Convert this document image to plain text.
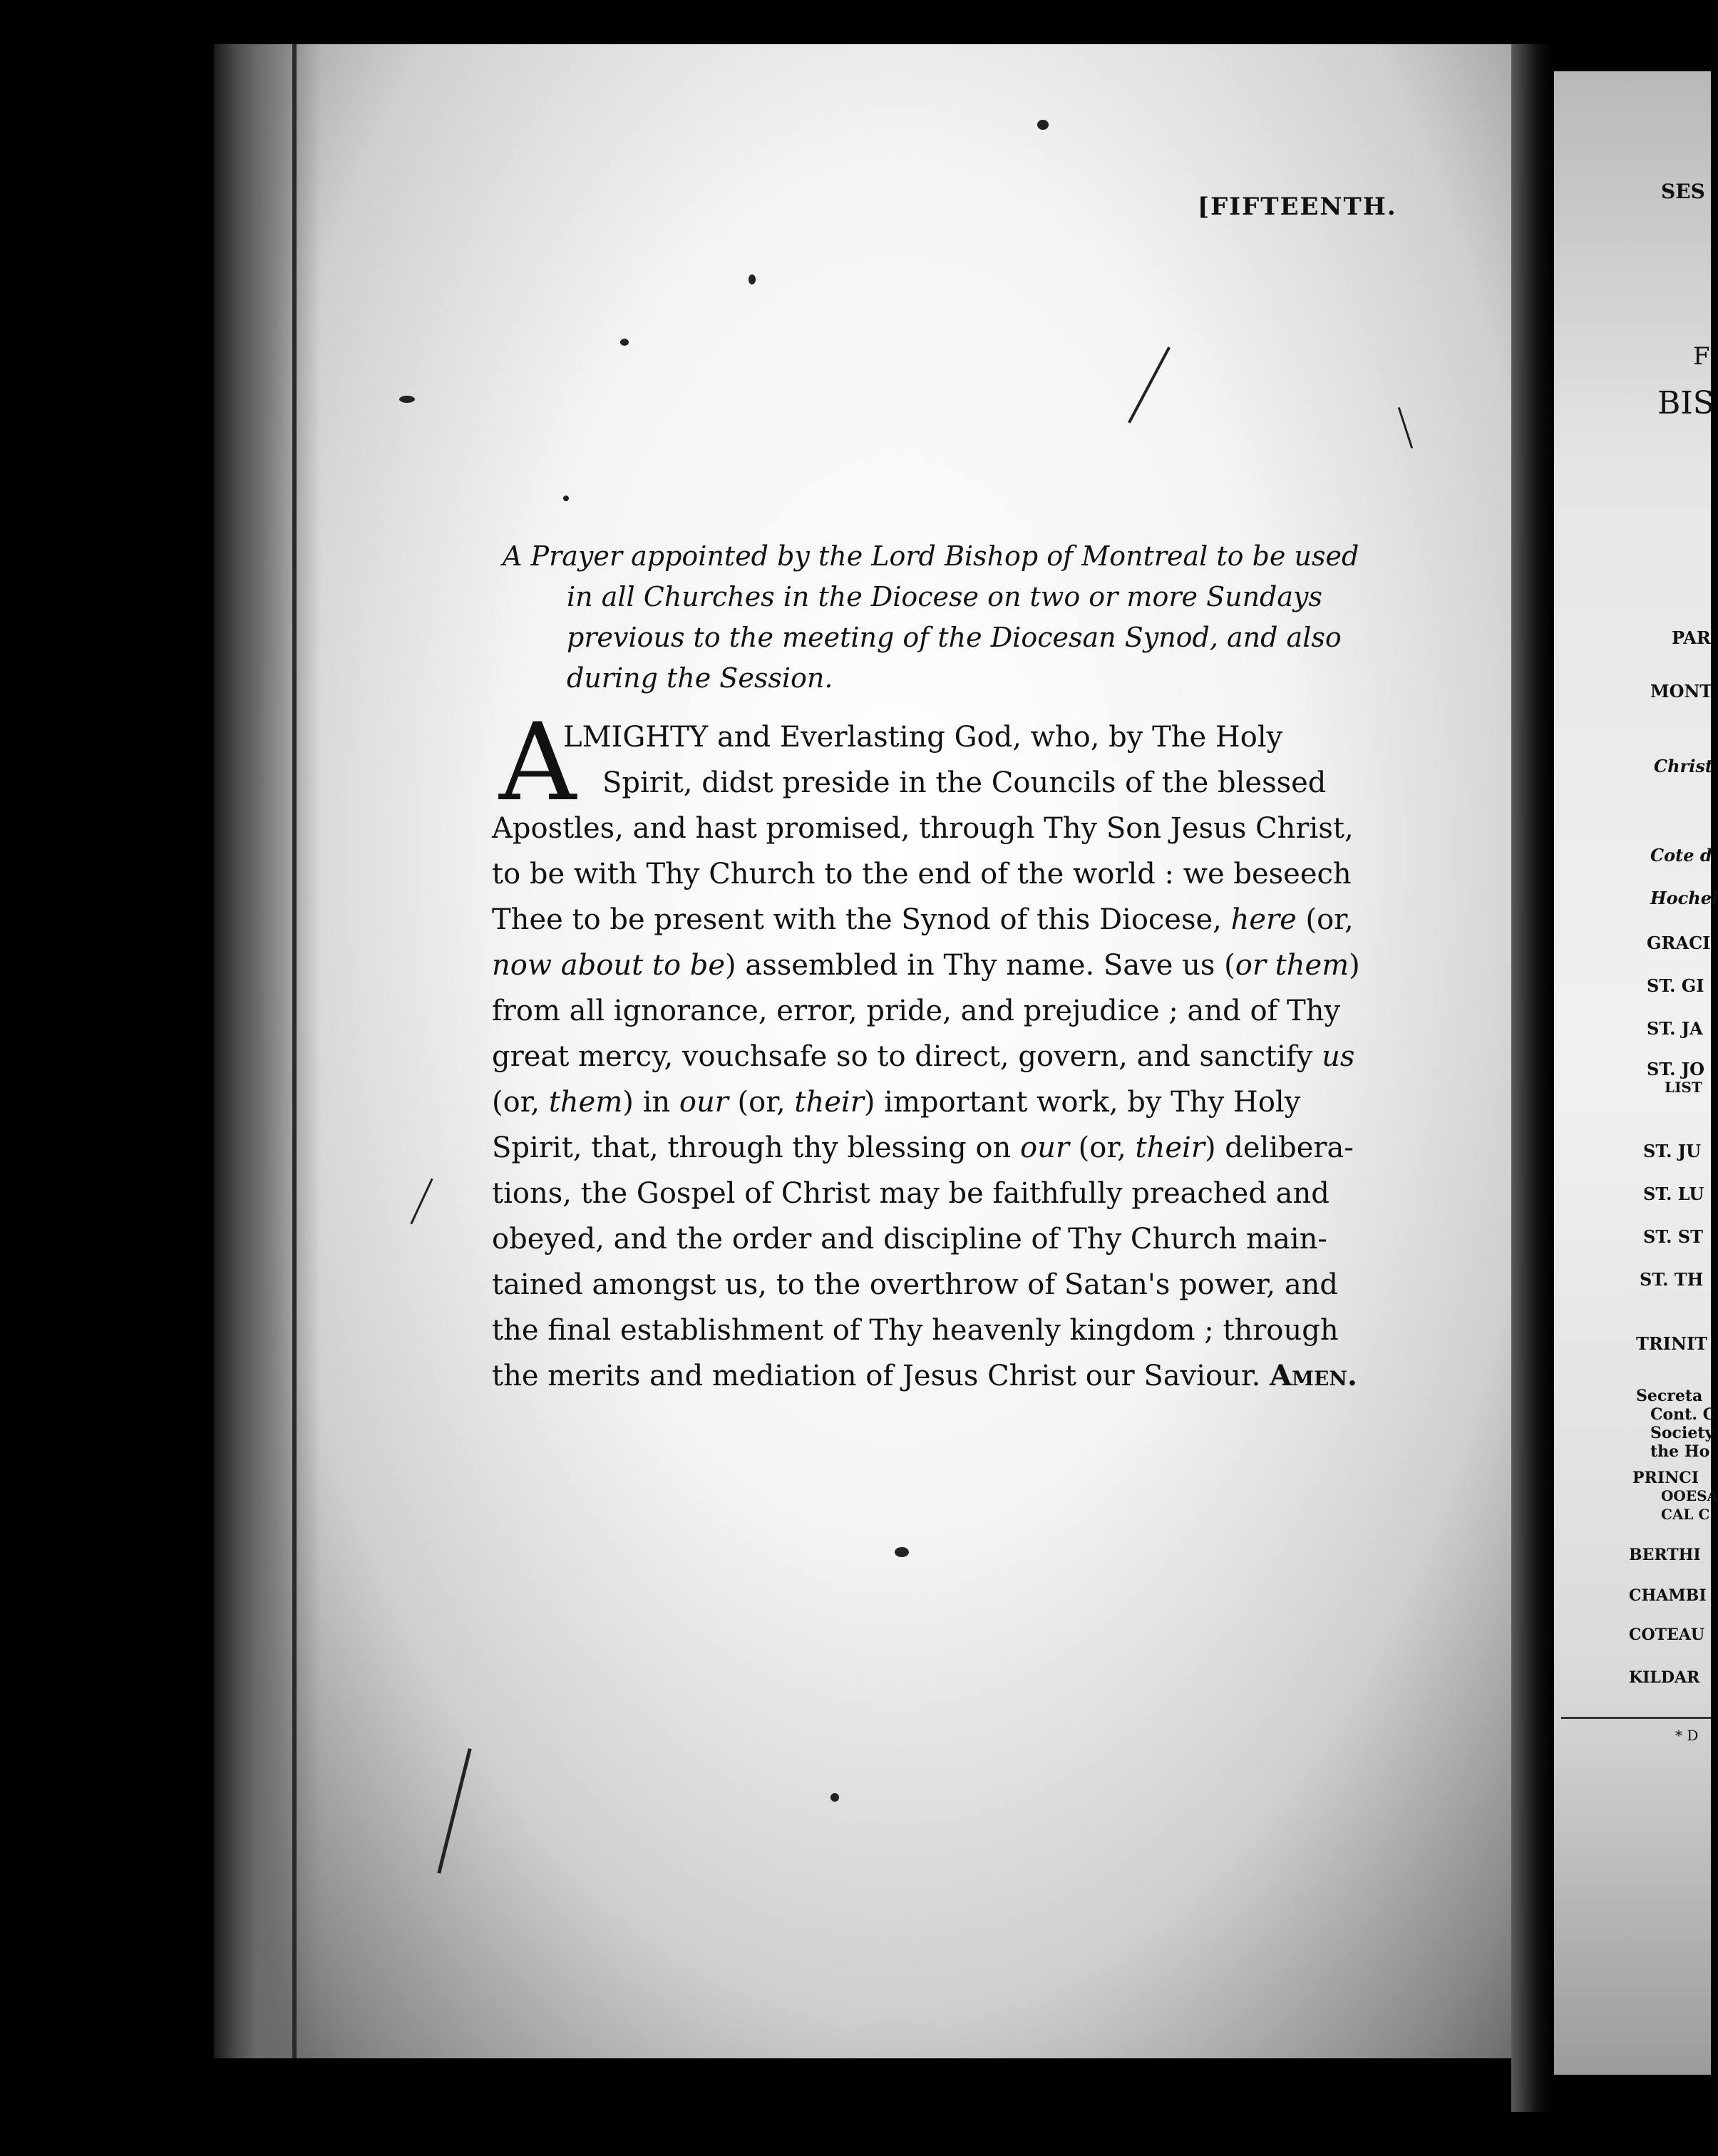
[FIFTEENTH.
A Prayer appointed by the Lord Bishop of Montreal to be used
in all Churches in the Diocese on two or more Sundays
previous to the meeting of the Diocesan Synod, and also
during the Session.
A
LMIGHTY and Everlasting God, who, by The Holy
Spirit, didst preside in the Councils of the blessed
Apostles, and hast promised, through Thy Son Jesus Christ,
to be with Thy Church to the end of the world : we beseech
Thee to be present with the Synod of this Diocese, here (or,
now about to be) assembled in Thy name. Save us (or them)
from all ignorance, error, pride, and prejudice ; and of Thy
great mercy, vouchsafe so to direct, govern, and sanctify us
(or, them) in our (or, their) important work, by Thy Holy
Spirit, that, through thy blessing on our (or, their) delibera-
tions, the Gospel of Christ may be faithfully preached and
obeyed, and the order and discipline of Thy Church main-
tained amongst us, to the overthrow of Satan's power, and
the final establishment of Thy heavenly kingdom ; through
the merits and mediation of Jesus Christ our Saviour. Amen.
SES
F
BIS
PAR
MONT
Christ
Cote d
Hochel
GRACI
ST. GI
ST. JA
ST. JO
LIST
ST. JU
ST. LU
ST. ST
ST. TH
TRINIT
Secreta
Cont. C
Society
the Ho
PRINCI
OOESA
CAL C
BERTHI
CHAMBI
COTEAU
KILDAR
* D
